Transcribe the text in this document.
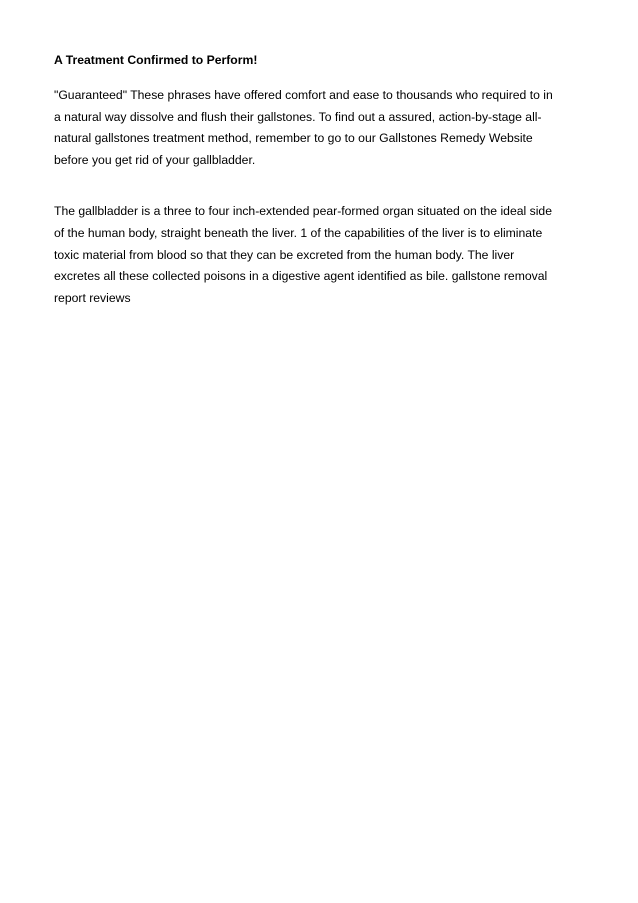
A Treatment Confirmed to Perform!

"Guaranteed" These phrases have offered comfort and ease to thousands who required to in
a natural way dissolve and flush their gallstones. To find out a assured, action-by-stage all-
natural gallstones treatment method, remember to go to our Gallstones Remedy Website
before you get rid of your gallbladder.

The gallbladder is a three to four inch-extended pear-formed organ situated on the ideal side
of the human body, straight beneath the liver. 1 of the capabilities of the liver is to eliminate
toxic material from blood so that they can be excreted from the human body. The liver
excretes all these collected poisons in a digestive agent identified as bile. gallstone removal
report reviews
